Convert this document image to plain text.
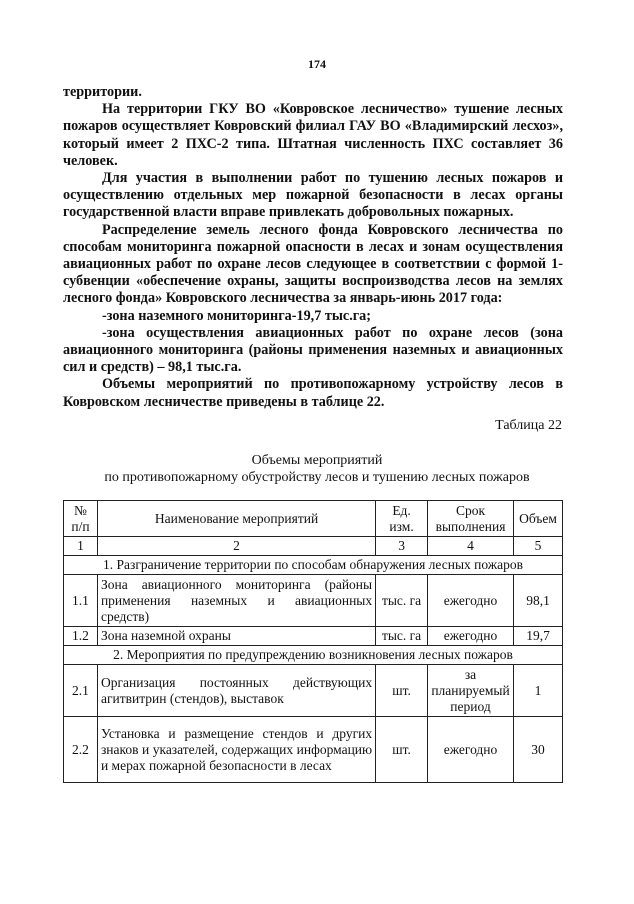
174

территории.

На территории ГКУ ВО «Ковровское лесничество» тушение лесных пожаров осуществляет Ковровский филиал ГАУ ВО «Владимирский лесхоз», который имеет 2 ПХС-2 типа. Штатная численность ПХС составляет 36 человек.

Для участия в выполнении работ по тушению лесных пожаров и осуществлению отдельных мер пожарной безопасности в лесах органы государственной власти вправе привлекать добровольных пожарных.

Распределение земель лесного фонда Ковровского лесничества по способам мониторинга пожарной опасности в лесах и зонам осуществления авиационных работ по охране лесов следующее в соответствии с формой 1-субвенции «обеспечение охраны, защиты воспроизводства лесов на землях лесного фонда» Ковровского лесничества за январь-июнь 2017 года:

-зона наземного мониторинга-19,7 тыс.га;

-зона осуществления авиационных работ по охране лесов (зона авиационного мониторинга (районы применения наземных и авиационных сил и средств) – 98,1 тыс.га.

Объемы мероприятий по противопожарному устройству лесов в Ковровском лесничестве приведены в таблице 22.

Таблица 22
Объемы мероприятий
по противопожарному обустройству лесов и тушению лесных пожаров
№ п/п	Наименование мероприятий	Ед. изм.	Срок выполнения	Объем
1	2	3	4	5
1. Разграничение территории по способам обнаружения лесных пожаров				
1.1	Зона авиационного мониторинга (районы применения наземных и авиационных средств)	тыс. га	ежегодно	98,1
1.2	Зона наземной охраны	тыс. га	ежегодно	19,7
2. Мероприятия по предупреждению возникновения лесных пожаров				
2.1	Организация постоянных действующих агитвитрин (стендов), выставок	шт.	за планируемый период	1
2.2	Установка и размещение стендов и других знаков и указателей, содержащих информацию и мерах пожарной безопасности в лесах	шт.	ежегодно	30
